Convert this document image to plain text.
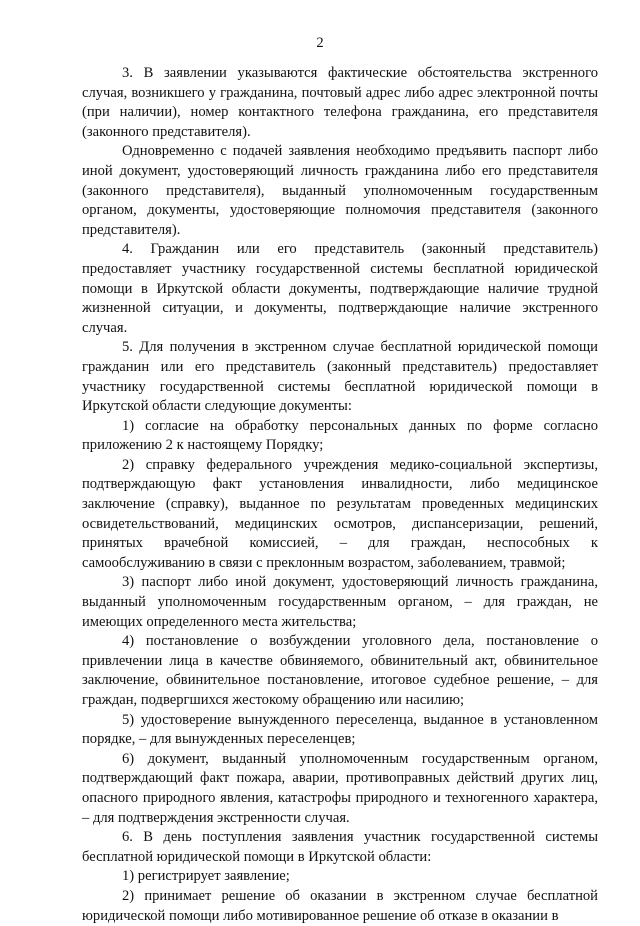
2

3. В заявлении указываются фактические обстоятельства экстренного случая, возникшего у гражданина, почтовый адрес либо адрес электронной почты (при наличии), номер контактного телефона гражданина, его представителя (законного представителя).

Одновременно с подачей заявления необходимо предъявить паспорт либо иной документ, удостоверяющий личность гражданина либо его представителя (законного представителя), выданный уполномоченным государственным органом, документы, удостоверяющие полномочия представителя (законного представителя).

4. Гражданин или его представитель (законный представитель) предоставляет участнику государственной системы бесплатной юридической помощи в Иркутской области документы, подтверждающие наличие трудной жизненной ситуации, и документы, подтверждающие наличие экстренного случая.

5. Для получения в экстренном случае бесплатной юридической помощи гражданин или его представитель (законный представитель) предоставляет участнику государственной системы бесплатной юридической помощи в Иркутской области следующие документы:

1) согласие на обработку персональных данных по форме согласно приложению 2 к настоящему Порядку;

2) справку федерального учреждения медико-социальной экспертизы, подтверждающую факт установления инвалидности, либо медицинское заключение (справку), выданное по результатам проведенных медицинских освидетельствований, медицинских осмотров, диспансеризации, решений, принятых врачебной комиссией, – для граждан, неспособных к самообслуживанию в связи с преклонным возрастом, заболеванием, травмой;

3) паспорт либо иной документ, удостоверяющий личность гражданина, выданный уполномоченным государственным органом, – для граждан, не имеющих определенного места жительства;

4) постановление о возбуждении уголовного дела, постановление о привлечении лица в качестве обвиняемого, обвинительный акт, обвинительное заключение, обвинительное постановление, итоговое судебное решение, – для граждан, подвергшихся жестокому обращению или насилию;

5) удостоверение вынужденного переселенца, выданное в установленном порядке, – для вынужденных переселенцев;

6) документ, выданный уполномоченным государственным органом, подтверждающий факт пожара, аварии, противоправных действий других лиц, опасного природного явления, катастрофы природного и техногенного характера, – для подтверждения экстренности случая.

6. В день поступления заявления участник государственной системы бесплатной юридической помощи в Иркутской области:

1) регистрирует заявление;

2) принимает решение об оказании в экстренном случае бесплатной юридической помощи либо мотивированное решение об отказе в оказании в
